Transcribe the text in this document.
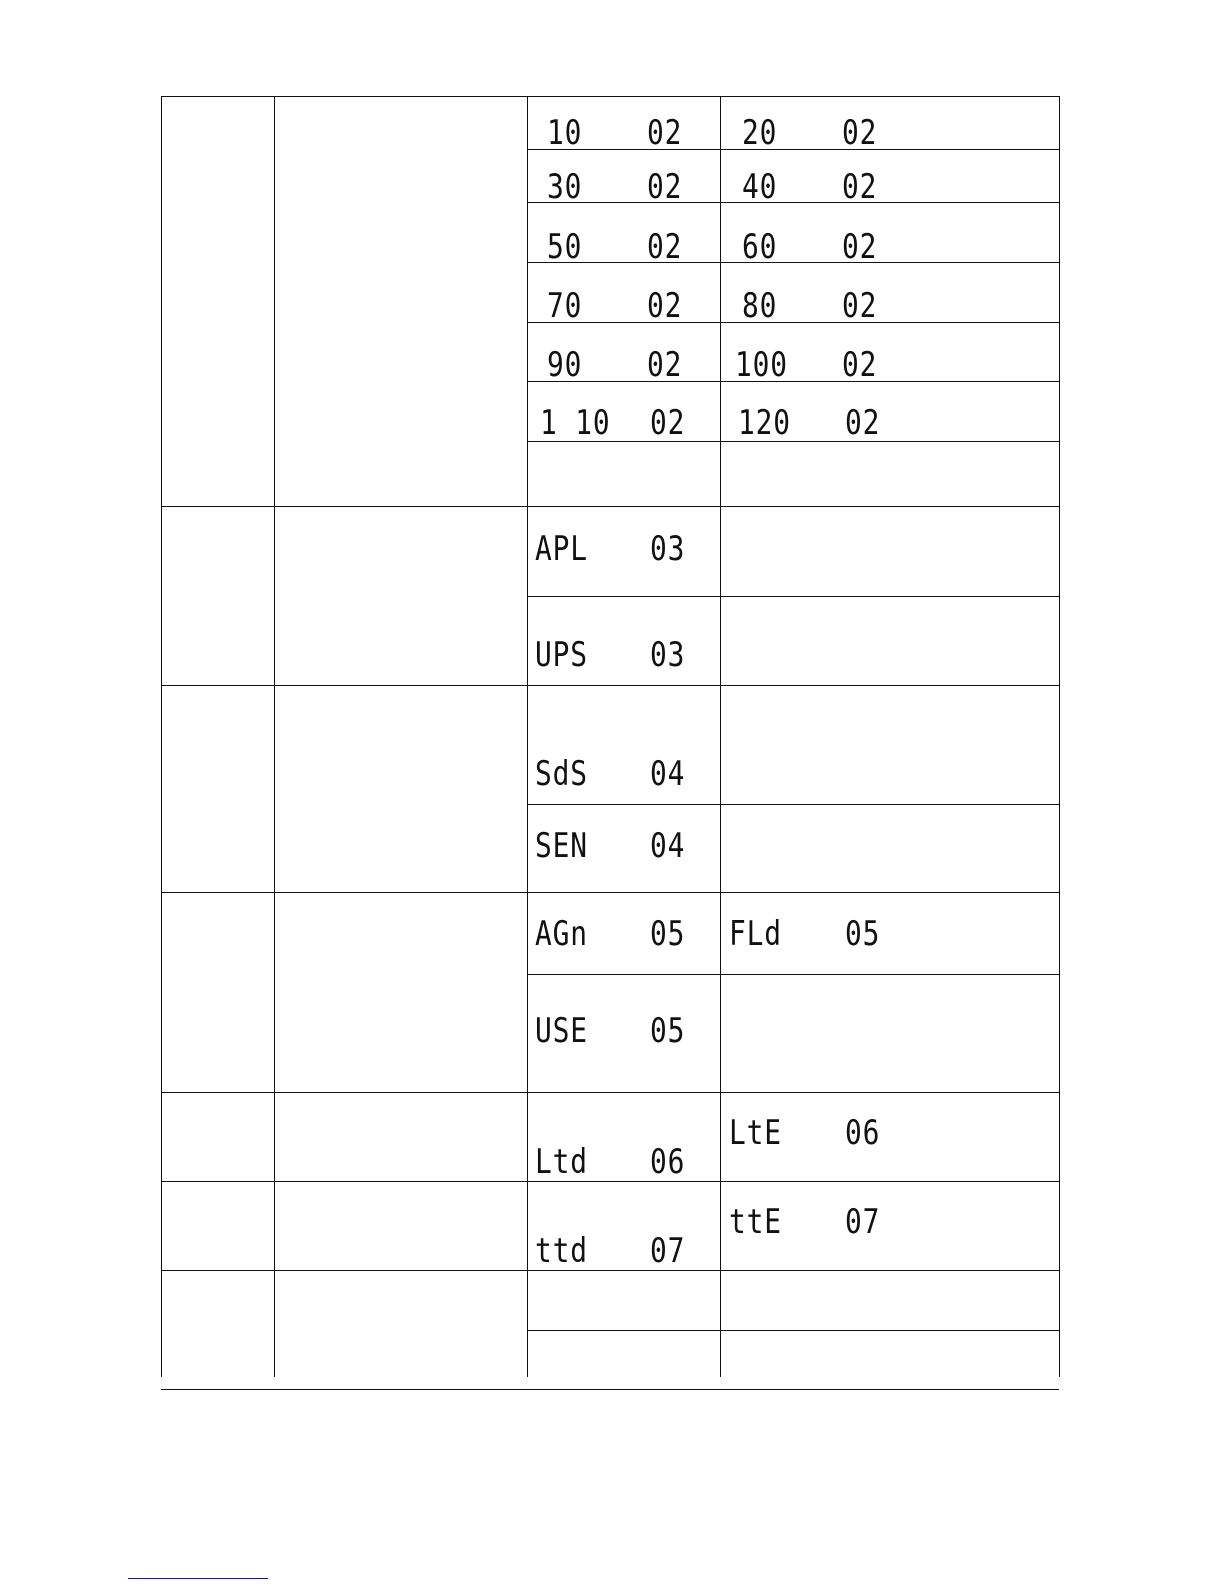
10 02 20 02
30 02 40 02
50 02 60 02
70 02 80 02
90 02 100 02
1 10 02 120 02
APL 03
UPS 03
SdS 04
SEN 04
AGn 05 FLd 05
USE 05
Ltd 06
LtE 06
ttd 07
ttE 07
